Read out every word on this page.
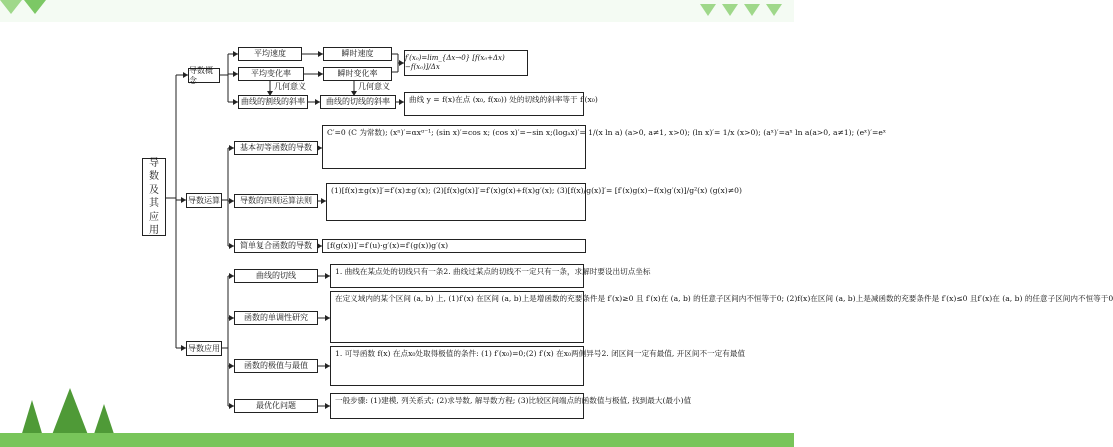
导
数
及
其
应
用
导数概念
导数运算
导数应用
平均速度	瞬时速度
平均变化率	瞬时变化率
曲线的割线的斜率	曲线的切线的斜率
几何意义	几何意义
f′(x₀)=lim_{Δx→0} [f(x₀+Δx)−f(x₀)]/Δx
曲线 y = f(x)在点 (x₀, f(x₀)) 处的切线的斜率 等于 f′(x₀)
基本初等函数的导数
C′=0 (C 为常数); (xⁿ)′=αxᵅ⁻¹; (sin x)′=cos x; (cos x)′=−sin x; (logₐx)′= 1/(x ln a) (a>0, a≠1, x>0); (ln x)′= 1/x (x>0); (aˣ)′= aˣ ln a(a>0, a≠1); (eˣ)′=eˣ
导数的四则运算法则
(1)[f(x)±g(x)]′=f′(x)±g′(x); (2)[f(x)g(x)]′=f′(x)g(x)+ f(x)g′(x); (3)[f(x)/g(x)]′= [f′(x)g(x)−f(x)g′(x)]/g²(x) (g(x)≠0)
简单复合函数的导数	[f(g(x))]′=f′(u)·g′(x)=f′(g(x))g′(x)
曲线的切线	1. 曲线在某点处的切线只有一条 2. 曲线过某点的切线不一定只有一条，求解时要设出切点坐标
函数的单调性研究
在定义域内的某个区间 (a, b) 上, (1)f′(x) 在区间 (a, b)上是增函数 的充要条件是 f′(x)≥0 且 f′(x)在 (a, b) 的任意子区间内不恒等于 0; (2)f(x)在区间 (a, b)上是减函数的充要条件是 f′(x)≤0 且 f′(x)在 (a, b) 的任意子区间内不恒等于0
函数的极值与最值
1. 可导函数 f(x) 在点x₀处取得极值的条件: (1) f′(x₀)=0; (2) f′(x) 在x₀两侧异号 2. 闭区间一定有最值, 开区间不一定有最值
最优化问题
一般步骤: (1)建模, 列关系式; (2)求导数, 解导数方程; (3)比较区 间端点的函数值与极值, 找到最大(最小)值
